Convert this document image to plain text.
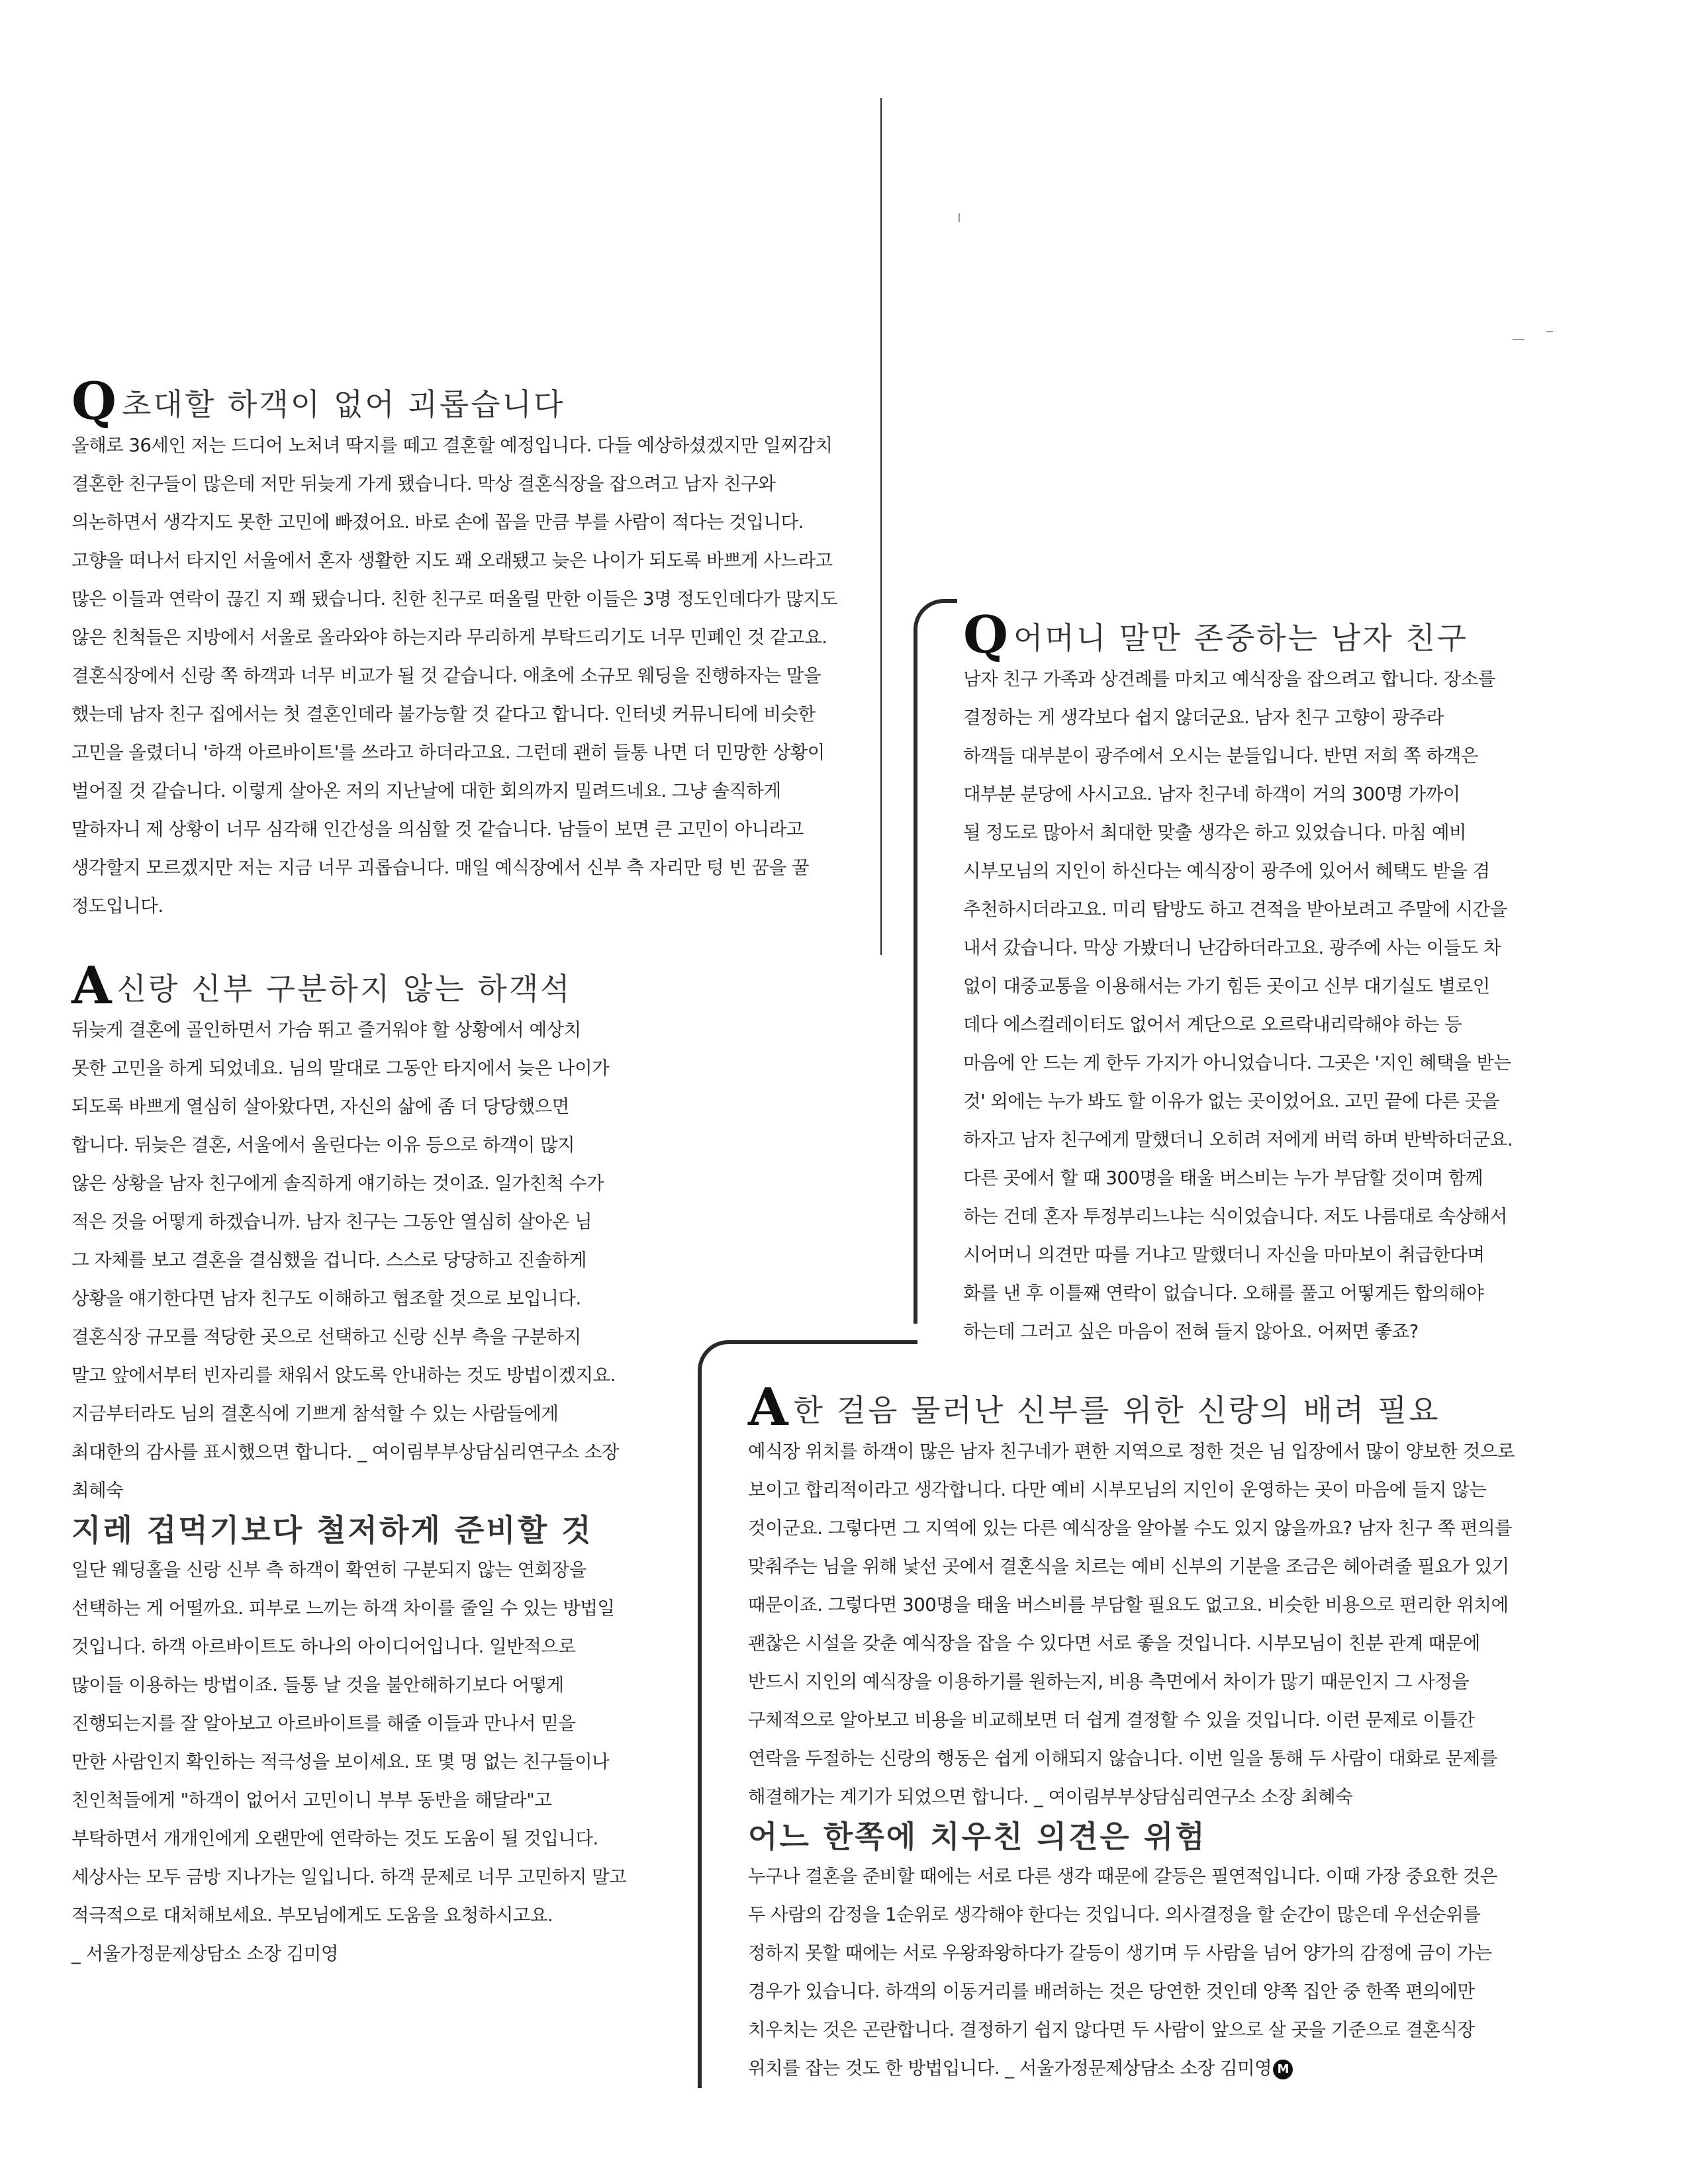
Q초대할 하객이 없어 괴롭습니다
올해로 36세인 저는 드디어 노처녀 딱지를 떼고 결혼할 예정입니다. 다들 예상하셨겠지만 일찌감치
결혼한 친구들이 많은데 저만 뒤늦게 가게 됐습니다. 막상 결혼식장을 잡으려고 남자 친구와
의논하면서 생각지도 못한 고민에 빠졌어요. 바로 손에 꼽을 만큼 부를 사람이 적다는 것입니다.
고향을 떠나서 타지인 서울에서 혼자 생활한 지도 꽤 오래됐고 늦은 나이가 되도록 바쁘게 사느라고
많은 이들과 연락이 끊긴 지 꽤 됐습니다. 친한 친구로 떠올릴 만한 이들은 3명 정도인데다가 많지도
않은 친척들은 지방에서 서울로 올라와야 하는지라 무리하게 부탁드리기도 너무 민폐인 것 같고요.
결혼식장에서 신랑 쪽 하객과 너무 비교가 될 것 같습니다. 애초에 소규모 웨딩을 진행하자는 말을
했는데 남자 친구 집에서는 첫 결혼인데라 불가능할 것 같다고 합니다. 인터넷 커뮤니티에 비슷한
고민을 올렸더니 '하객 아르바이트'를 쓰라고 하더라고요. 그런데 괜히 들통 나면 더 민망한 상황이
벌어질 것 같습니다. 이렇게 살아온 저의 지난날에 대한 회의까지 밀려드네요. 그냥 솔직하게
말하자니 제 상황이 너무 심각해 인간성을 의심할 것 같습니다. 남들이 보면 큰 고민이 아니라고
생각할지 모르겠지만 저는 지금 너무 괴롭습니다. 매일 예식장에서 신부 측 자리만 텅 빈 꿈을 꿀
정도입니다.
A신랑 신부 구분하지 않는 하객석
뒤늦게 결혼에 골인하면서 가슴 뛰고 즐거워야 할 상황에서 예상치
못한 고민을 하게 되었네요. 님의 말대로 그동안 타지에서 늦은 나이가
되도록 바쁘게 열심히 살아왔다면, 자신의 삶에 좀 더 당당했으면
합니다. 뒤늦은 결혼, 서울에서 올린다는 이유 등으로 하객이 많지
않은 상황을 남자 친구에게 솔직하게 얘기하는 것이죠. 일가친척 수가
적은 것을 어떻게 하겠습니까. 남자 친구는 그동안 열심히 살아온 님
그 자체를 보고 결혼을 결심했을 겁니다. 스스로 당당하고 진솔하게
상황을 얘기한다면 남자 친구도 이해하고 협조할 것으로 보입니다.
결혼식장 규모를 적당한 곳으로 선택하고 신랑 신부 측을 구분하지
말고 앞에서부터 빈자리를 채워서 앉도록 안내하는 것도 방법이겠지요.
지금부터라도 님의 결혼식에 기쁘게 참석할 수 있는 사람들에게
최대한의 감사를 표시했으면 합니다. _ 여이림부부상담심리연구소 소장
최혜숙
지레 겁먹기보다 철저하게 준비할 것
일단 웨딩홀을 신랑 신부 측 하객이 확연히 구분되지 않는 연회장을
선택하는 게 어떨까요. 피부로 느끼는 하객 차이를 줄일 수 있는 방법일
것입니다. 하객 아르바이트도 하나의 아이디어입니다. 일반적으로
많이들 이용하는 방법이죠. 들통 날 것을 불안해하기보다 어떻게
진행되는지를 잘 알아보고 아르바이트를 해줄 이들과 만나서 믿을
만한 사람인지 확인하는 적극성을 보이세요. 또 몇 명 없는 친구들이나
친인척들에게 "하객이 없어서 고민이니 부부 동반을 해달라"고
부탁하면서 개개인에게 오랜만에 연락하는 것도 도움이 될 것입니다.
세상사는 모두 금방 지나가는 일입니다. 하객 문제로 너무 고민하지 말고
적극적으로 대처해보세요. 부모님에게도 도움을 요청하시고요.
_ 서울가정문제상담소 소장 김미영
Q어머니 말만 존중하는 남자 친구
남자 친구 가족과 상견례를 마치고 예식장을 잡으려고 합니다. 장소를
결정하는 게 생각보다 쉽지 않더군요. 남자 친구 고향이 광주라
하객들 대부분이 광주에서 오시는 분들입니다. 반면 저희 쪽 하객은
대부분 분당에 사시고요. 남자 친구네 하객이 거의 300명 가까이
될 정도로 많아서 최대한 맞출 생각은 하고 있었습니다. 마침 예비
시부모님의 지인이 하신다는 예식장이 광주에 있어서 혜택도 받을 겸
추천하시더라고요. 미리 탐방도 하고 견적을 받아보려고 주말에 시간을
내서 갔습니다. 막상 가봤더니 난감하더라고요. 광주에 사는 이들도 차
없이 대중교통을 이용해서는 가기 힘든 곳이고 신부 대기실도 별로인
데다 에스컬레이터도 없어서 계단으로 오르락내리락해야 하는 등
마음에 안 드는 게 한두 가지가 아니었습니다. 그곳은 '지인 혜택을 받는
것' 외에는 누가 봐도 할 이유가 없는 곳이었어요. 고민 끝에 다른 곳을
하자고 남자 친구에게 말했더니 오히려 저에게 버럭 하며 반박하더군요.
다른 곳에서 할 때 300명을 태울 버스비는 누가 부담할 것이며 함께
하는 건데 혼자 투정부리느냐는 식이었습니다. 저도 나름대로 속상해서
시어머니 의견만 따를 거냐고 말했더니 자신을 마마보이 취급한다며
화를 낸 후 이틀째 연락이 없습니다. 오해를 풀고 어떻게든 합의해야
하는데 그러고 싶은 마음이 전혀 들지 않아요. 어쩌면 좋죠?
A한 걸음 물러난 신부를 위한 신랑의 배려 필요
예식장 위치를 하객이 많은 남자 친구네가 편한 지역으로 정한 것은 님 입장에서 많이 양보한 것으로
보이고 합리적이라고 생각합니다. 다만 예비 시부모님의 지인이 운영하는 곳이 마음에 들지 않는
것이군요. 그렇다면 그 지역에 있는 다른 예식장을 알아볼 수도 있지 않을까요? 남자 친구 쪽 편의를
맞춰주는 님을 위해 낯선 곳에서 결혼식을 치르는 예비 신부의 기분을 조금은 헤아려줄 필요가 있기
때문이죠. 그렇다면 300명을 태울 버스비를 부담할 필요도 없고요. 비슷한 비용으로 편리한 위치에
괜찮은 시설을 갖춘 예식장을 잡을 수 있다면 서로 좋을 것입니다. 시부모님이 친분 관계 때문에
반드시 지인의 예식장을 이용하기를 원하는지, 비용 측면에서 차이가 많기 때문인지 그 사정을
구체적으로 알아보고 비용을 비교해보면 더 쉽게 결정할 수 있을 것입니다. 이런 문제로 이틀간
연락을 두절하는 신랑의 행동은 쉽게 이해되지 않습니다. 이번 일을 통해 두 사람이 대화로 문제를
해결해가는 계기가 되었으면 합니다. _ 여이림부부상담심리연구소 소장 최혜숙
어느 한쪽에 치우친 의견은 위험
누구나 결혼을 준비할 때에는 서로 다른 생각 때문에 갈등은 필연적입니다. 이때 가장 중요한 것은
두 사람의 감정을 1순위로 생각해야 한다는 것입니다. 의사결정을 할 순간이 많은데 우선순위를
정하지 못할 때에는 서로 우왕좌왕하다가 갈등이 생기며 두 사람을 넘어 양가의 감정에 금이 가는
경우가 있습니다. 하객의 이동거리를 배려하는 것은 당연한 것인데 양쪽 집안 중 한쪽 편의에만
치우치는 것은 곤란합니다. 결정하기 쉽지 않다면 두 사람이 앞으로 살 곳을 기준으로 결혼식장
위치를 잡는 것도 한 방법입니다. _ 서울가정문제상담소 소장 김미영 M
